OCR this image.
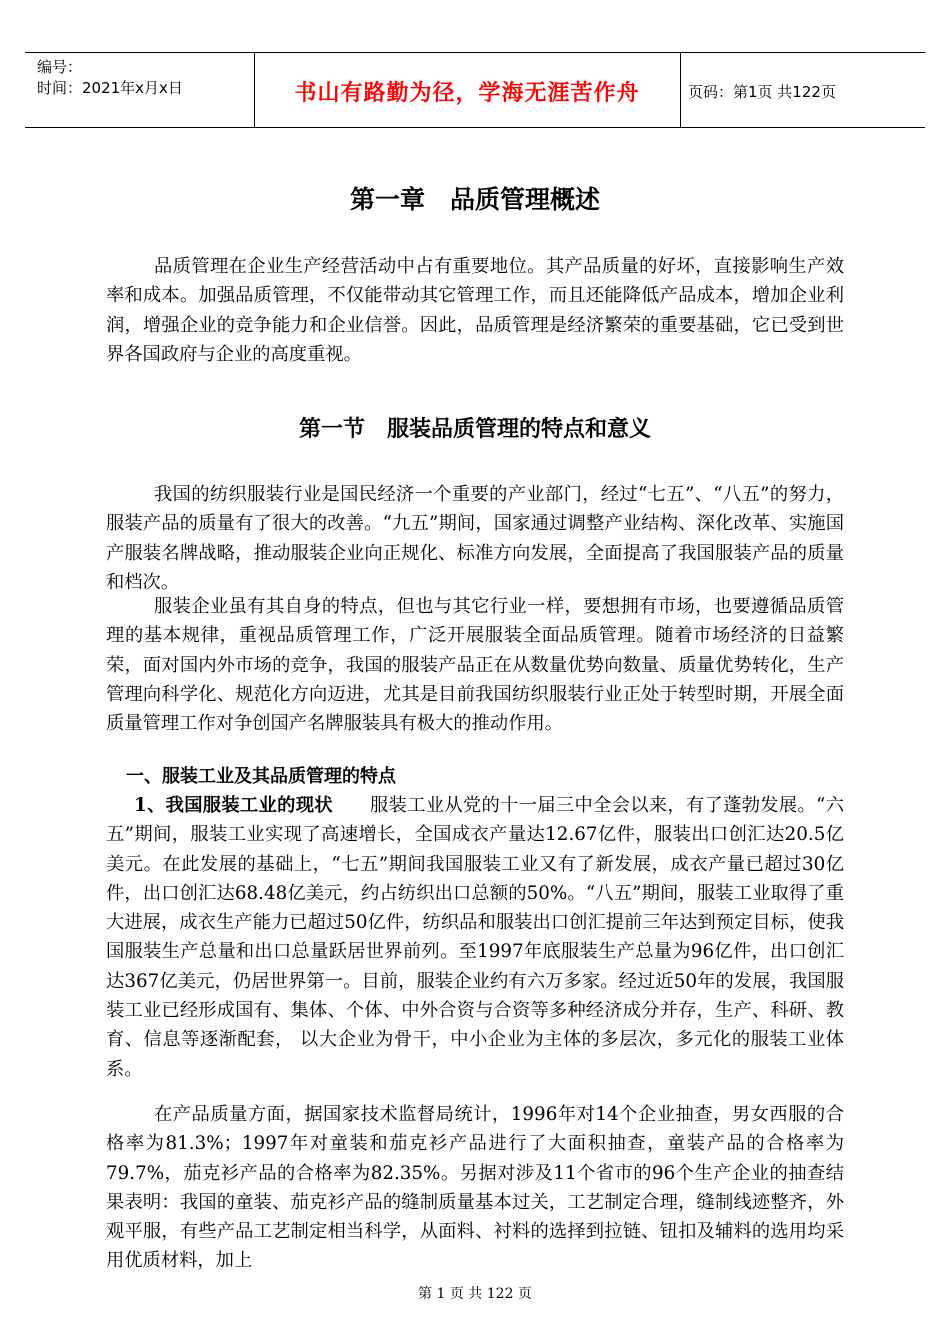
编号：
时间：2021年x月x日	书山有路勤为径，学海无涯苦作舟	页码：第1页 共122页
第一章　品质管理概述

品质管理在企业生产经营活动中占有重要地位。其产品质量的好坏，直接影响生产效率和成本。加强品质管理，不仅能带动其它管理工作，而且还能降低产品成本，增加企业利润，增强企业的竞争能力和企业信誉。因此，品质管理是经济繁荣的重要基础，它已受到世界各国政府与企业的高度重视。

第一节　服装品质管理的特点和意义

我国的纺织服装行业是国民经济一个重要的产业部门，经过“七五”、“八五”的努力，服装产品的质量有了很大的改善。“九五”期间，国家通过调整产业结构、深化改革、实施国产服装名牌战略，推动服装企业向正规化、标准方向发展，全面提高了我国服装产品的质量和档次。

服装企业虽有其自身的特点，但也与其它行业一样，要想拥有市场，也要遵循品质管理的基本规律，重视品质管理工作，广泛开展服装全面品质管理。随着市场经济的日益繁荣，面对国内外市场的竞争，我国的服装产品正在从数量优势向数量、质量优势转化，生产管理向科学化、规范化方向迈进，尤其是目前我国纺织服装行业正处于转型时期，开展全面质量管理工作对争创国产名牌服装具有极大的推动作用。

一、服装工业及其品质管理的特点

1、我国服装工业的现状　　 服装工业从党的十一届三中全会以来，有了蓬勃发展。“六五”期间，服装工业实现了高速增长，全国成衣产量达12.67亿件，服装出口创汇达20.5亿美元。在此发展的基础上，“七五”期间我国服装工业又有了新发展，成衣产量已超过30亿件，出口创汇达68.48亿美元，约占纺织出口总额的50%。“八五”期间，服装工业取得了重大进展，成衣生产能力已超过50亿件，纺织品和服装出口创汇提前三年达到预定目标，使我国服装生产总量和出口总量跃居世界前列。至1997年底服装生产总量为96亿件，出口创汇达367亿美元，仍居世界第一。目前，服装企业约有六万多家。经过近50年的发展，我国服装工业已经形成国有、集体、个体、中外合资与合资等多种经济成分并存，生产、科研、教育、信息等逐渐配套， 以大企业为骨干，中小企业为主体的多层次，多元化的服装工业体系。

在产品质量方面，据国家技术监督局统计，1996年对14个企业抽查，男女西服的合格率为81.3%；1997年对童装和茄克衫产品进行了大面积抽查，童装产品的合格率为79.7%，茄克衫产品的合格率为82.35%。另据对涉及11个省市的96个生产企业的抽查结果表明：我国的童装、茄克衫产品的缝制质量基本过关，工艺制定合理，缝制线迹整齐，外观平服，有些产品工艺制定相当科学，从面料、衬料的选择到拉链、钮扣及辅料的选用均采用优质材料，加上

第 1 页 共 122 页
